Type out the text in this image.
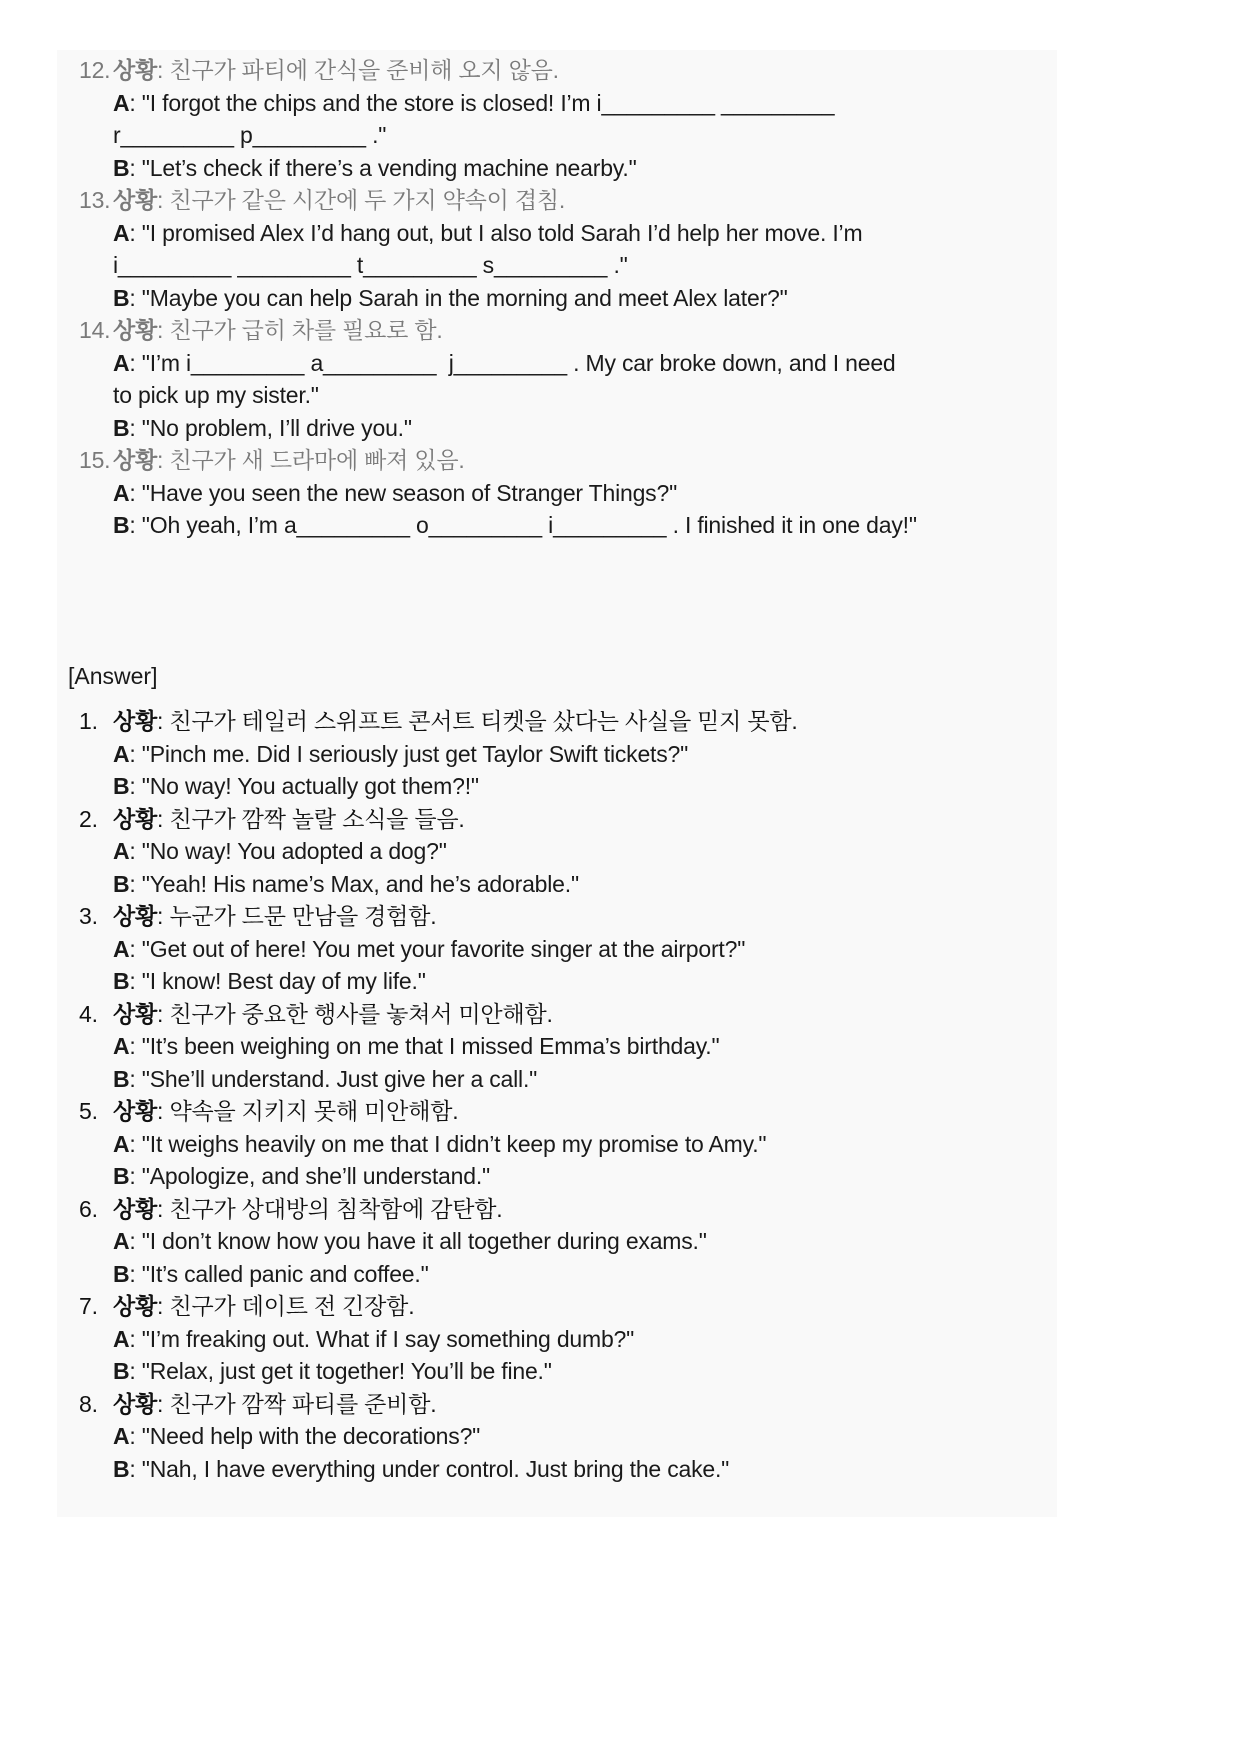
12. 상황: 친구가 파티에 간식을 준비해 오지 않음.
A: "I forgot the chips and the store is closed! I’m i_________ _________
r_________ p_________ ."
B: "Let’s check if there’s a vending machine nearby."
13. 상황: 친구가 같은 시간에 두 가지 약속이 겹침.
A: "I promised Alex I’d hang out, but I also told Sarah I’d help her move. I’m
i_________ _________ t_________ s_________ ."
B: "Maybe you can help Sarah in the morning and meet Alex later?"
14. 상황: 친구가 급히 차를 필요로 함.
A: "I’m i_________ a_________  j_________ . My car broke down, and I need
to pick up my sister."
B: "No problem, I’ll drive you."
15. 상황: 친구가 새 드라마에 빠져 있음.
A: "Have you seen the new season of Stranger Things?"
B: "Oh yeah, I’m a_________ o_________ i_________ . I finished it in one day!"
[Answer]
1. 상황: 친구가 테일러 스위프트 콘서트 티켓을 샀다는 사실을 믿지 못함.
A: "Pinch me. Did I seriously just get Taylor Swift tickets?"
B: "No way! You actually got them?!"
2. 상황: 친구가 깜짝 놀랄 소식을 들음.
A: "No way! You adopted a dog?"
B: "Yeah! His name’s Max, and he’s adorable."
3. 상황: 누군가 드문 만남을 경험함.
A: "Get out of here! You met your favorite singer at the airport?"
B: "I know! Best day of my life."
4. 상황: 친구가 중요한 행사를 놓쳐서 미안해함.
A: "It’s been weighing on me that I missed Emma’s birthday."
B: "She’ll understand. Just give her a call."
5. 상황: 약속을 지키지 못해 미안해함.
A: "It weighs heavily on me that I didn’t keep my promise to Amy."
B: "Apologize, and she’ll understand."
6. 상황: 친구가 상대방의 침착함에 감탄함.
A: "I don’t know how you have it all together during exams."
B: "It’s called panic and coffee."
7. 상황: 친구가 데이트 전 긴장함.
A: "I’m freaking out. What if I say something dumb?"
B: "Relax, just get it together! You’ll be fine."
8. 상황: 친구가 깜짝 파티를 준비함.
A: "Need help with the decorations?"
B: "Nah, I have everything under control. Just bring the cake."
